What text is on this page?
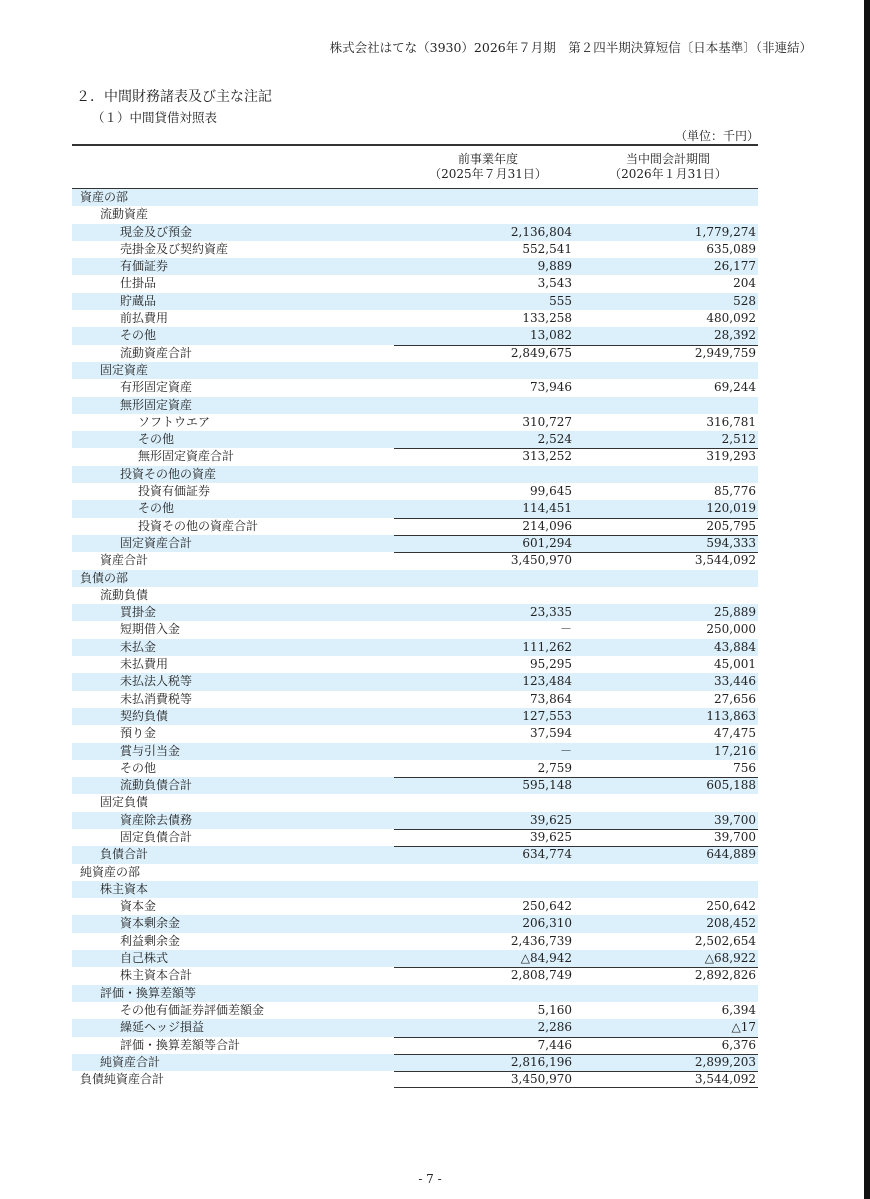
株式会社はてな（3930）2026年７月期　第２四半期決算短信〔日本基準〕（非連結）
２．中間財務諸表及び主な注記
（１）中間貸借対照表
（単位：千円）
前事業年度
（2025年７月31日）
当中間会計期間
（2026年１月31日）
資産の部
流動資産
現金及び預金	2,136,804	1,779,274
売掛金及び契約資産	552,541	635,089
有価証券	9,889	26,177
仕掛品	3,543	204
貯蔵品	555	528
前払費用	133,258	480,092
その他	13,082	28,392
流動資産合計	2,849,675	2,949,759
固定資産
有形固定資産	73,946	69,244
無形固定資産
ソフトウエア	310,727	316,781
その他	2,524	2,512
無形固定資産合計	313,252	319,293
投資その他の資産
投資有価証券	99,645	85,776
その他	114,451	120,019
投資その他の資産合計	214,096	205,795
固定資産合計	601,294	594,333
資産合計	3,450,970	3,544,092
負債の部
流動負債
買掛金	23,335	25,889
短期借入金	－	250,000
未払金	111,262	43,884
未払費用	95,295	45,001
未払法人税等	123,484	33,446
未払消費税等	73,864	27,656
契約負債	127,553	113,863
預り金	37,594	47,475
賞与引当金	－	17,216
その他	2,759	756
流動負債合計	595,148	605,188
固定負債
資産除去債務	39,625	39,700
固定負債合計	39,625	39,700
負債合計	634,774	644,889
純資産の部
株主資本
資本金	250,642	250,642
資本剰余金	206,310	208,452
利益剰余金	2,436,739	2,502,654
自己株式	△84,942	△68,922
株主資本合計	2,808,749	2,892,826
評価・換算差額等
その他有価証券評価差額金	5,160	6,394
繰延ヘッジ損益	2,286	△17
評価・換算差額等合計	7,446	6,376
純資産合計	2,816,196	2,899,203
負債純資産合計	3,450,970	3,544,092
- 7 -
